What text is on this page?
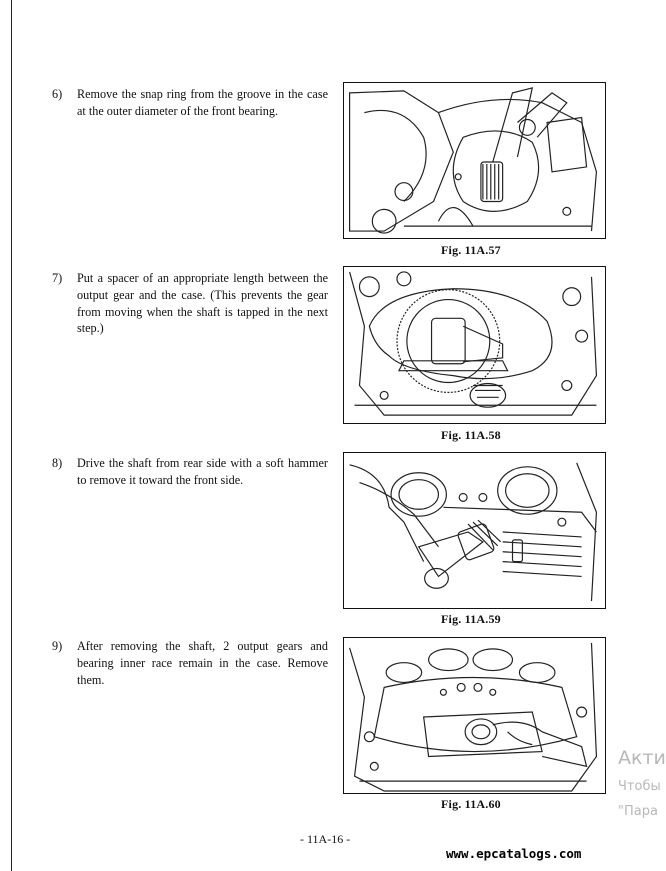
6) Remove the snap ring from the groove in the case at the outer diameter of the front bearing.
Fig. 11A.57
7) Put a spacer of an appropriate length between the output gear and the case. (This prevents the gear from moving when the shaft is tapped in the next step.)
Fig. 11A.58
8) Drive the shaft from rear side with a soft hammer to remove it toward the front side.
Fig. 11A.59
9) After removing the shaft, 2 output gears and bearing inner race remain in the case. Remove them.
Fig. 11A.60
- 11A-16 -
www.epcatalogs.com
Акти
Чтобы
"Пара
